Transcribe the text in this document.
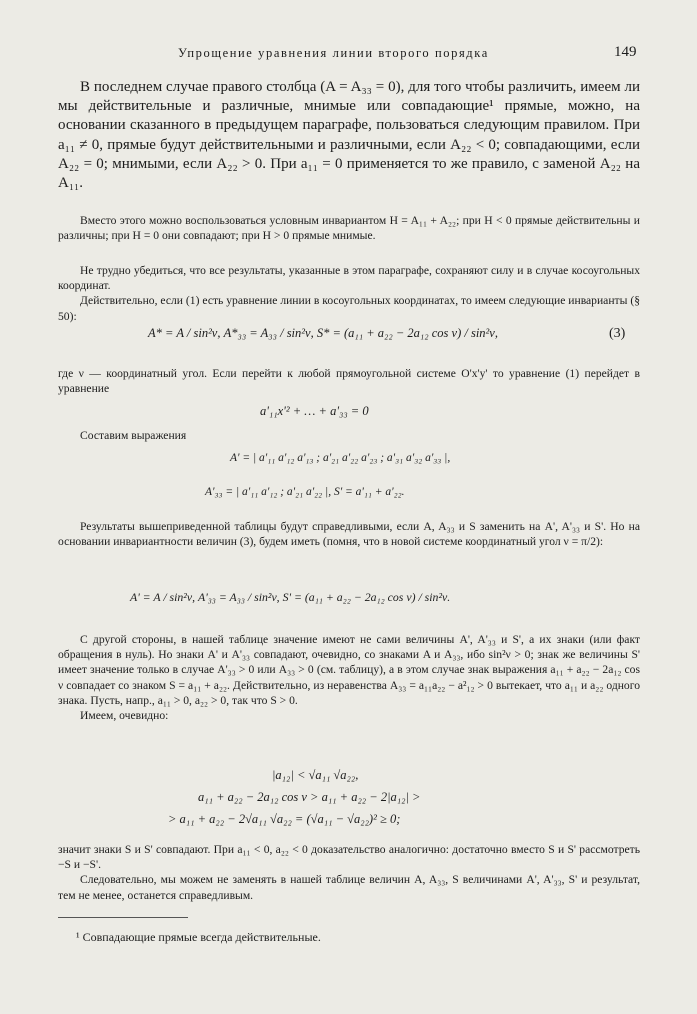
Упрощение уравнения линии второго порядка	149

В последнем случае правого столбца (A = A₃₃ = 0), для того чтобы различить, имеем ли мы действительные и различные, мнимые или совпадающие¹ прямые, можно, на основании сказанного в предыдущем параграфе, пользоваться следующим правилом. При a₁₁ ≠ 0, прямые будут действительными и различными, если A₂₂ < 0; совпадающими, если A₂₂ = 0; мнимыми, если A₂₂ > 0. При a₁₁ = 0 применяется то же правило, с заменой A₂₂ на A₁₁.

Вместо этого можно воспользоваться условным инвариантом H = A₁₁ + A₂₂; при H < 0 прямые действительны и различны; при H = 0 они совпадают; при H > 0 прямые мнимые.

Не трудно убедиться, что все результаты, указанные в этом параграфе, сохраняют силу и в случае косоугольных координат.

Действительно, если (1) есть уравнение линии в косоугольных координатах, то имеем следующие инварианты (§ 50):

A* = A / sin²ν, A*₃₃ = A₃₃ / sin²ν, S* = (a₁₁ + a₂₂ − 2a₁₂ cos ν) / sin²ν,	(3)

где ν — координатный угол. Если перейти к любой прямоугольной системе O'x'y' то уравнение (1) перейдет в уравнение

a'₁₁x'² + … + a'₃₃ = 0

Составим выражения

A' = | a'₁₁ a'₁₂ a'₁₃ ; a'₂₁ a'₂₂ a'₂₃ ; a'₃₁ a'₃₂ a'₃₃ |,
A'₃₃ = | a'₁₁ a'₁₂ ; a'₂₁ a'₂₂ |, S' = a'₁₁ + a'₂₂.

Результаты вышеприведенной таблицы будут справедливыми, если A, A₃₃ и S заменить на A', A'₃₃ и S'. Но на основании инвариантности величин (3), будем иметь (помня, что в новой системе координатный угол ν = π/2):

A' = A / sin²ν, A'₃₃ = A₃₃ / sin²ν, S' = (a₁₁ + a₂₂ − 2a₁₂ cos ν) / sin²ν.

С другой стороны, в нашей таблице значение имеют не сами величины A', A'₃₃ и S', а их знаки (или факт обращения в нуль). Но знаки A' и A'₃₃ совпадают, очевидно, со знаками A и A₃₃, ибо sin²ν > 0; знак же величины S' имеет значение только в случае A'₃₃ > 0 или A₃₃ > 0 (см. таблицу), а в этом случае знак выражения a₁₁ + a₂₂ − 2a₁₂ cos ν совпадает со знаком S = a₁₁ + a₂₂. Действительно, из неравенства A₃₃ = a₁₁a₂₂ − a²₁₂ > 0 вытекает, что a₁₁ и a₂₂ одного знака. Пусть, напр., a₁₁ > 0, a₂₂ > 0, так что S > 0.

Имеем, очевидно:

|a₁₂| < √a₁₁ √a₂₂,
a₁₁ + a₂₂ − 2a₁₂ cos ν > a₁₁ + a₂₂ − 2|a₁₂| >
> a₁₁ + a₂₂ − 2√a₁₁ √a₂₂ = (√a₁₁ − √a₂₂)² ≥ 0;

значит знаки S и S' совпадают. При a₁₁ < 0, a₂₂ < 0 доказательство аналогично: достаточно вместо S и S' рассмотреть −S и −S'.

Следовательно, мы можем не заменять в нашей таблице величин A, A₃₃, S величинами A', A'₃₃, S' и результат, тем не менее, останется справедливым.

¹ Совпадающие прямые всегда действительные.
